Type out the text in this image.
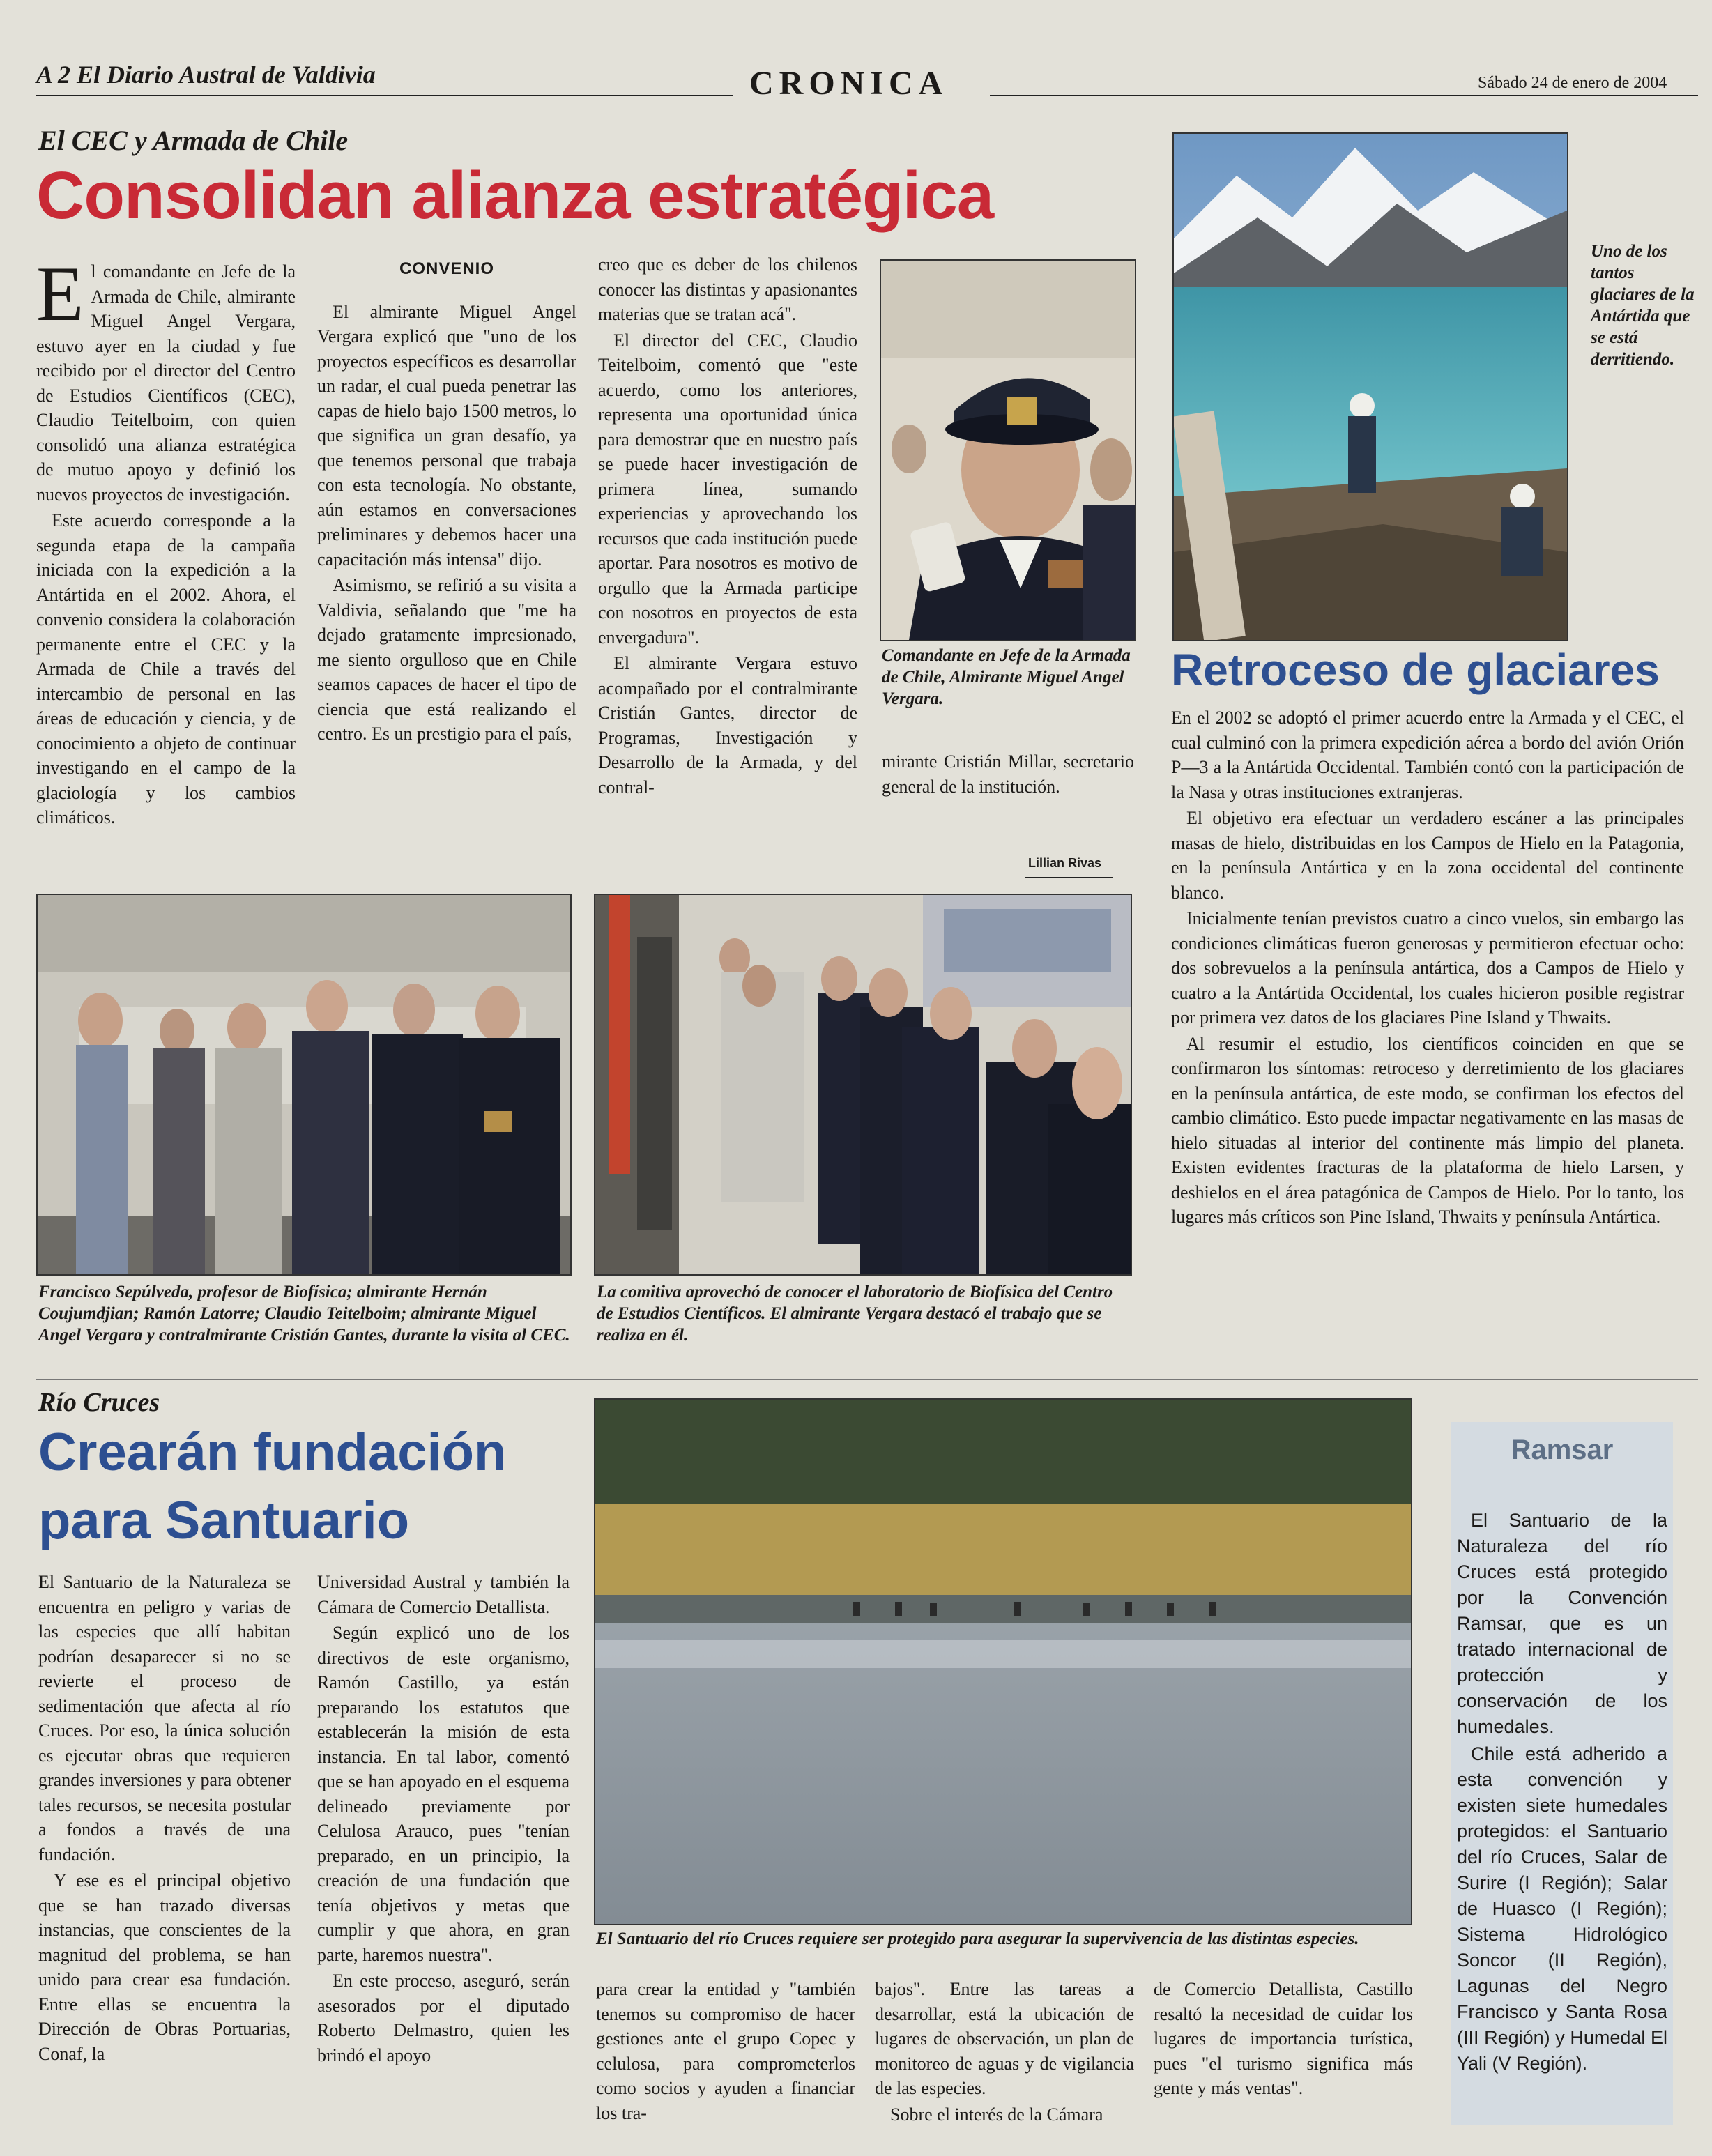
A 2 El Diario Austral de Valdivia	CRONICA	Sábado 24 de enero de 2004
El CEC y Armada de Chile
Consolidan alianza estratégica
E l comandante en Jefe de la Armada de Chile, almirante Miguel Angel Vergara, estuvo ayer en la ciudad y fue recibido por el director del Centro de Estudios Científicos (CEC), Claudio Teitelboim, con quien consolidó una alianza estratégica de mutuo apoyo y definió los nuevos proyectos de investigación.

Este acuerdo corresponde a la segunda etapa de la campaña iniciada con la expedición a la Antártida en el 2002. Ahora, el convenio considera la colaboración permanente entre el CEC y la Armada de Chile a través del intercambio de personal en las áreas de educación y ciencia, y de conocimiento a objeto de continuar investigando en el campo de la glaciología y los cambios climáticos.

CONVENIO

El almirante Miguel Angel Vergara explicó que "uno de los proyectos específicos es desarrollar un radar, el cual pueda penetrar las capas de hielo bajo 1500 metros, lo que significa un gran desafío, ya que tenemos personal que trabaja con esta tecnología. No obstante, aún estamos en conversaciones preliminares y debemos hacer una capacitación más intensa" dijo.

Asimismo, se refirió a su visita a Valdivia, señalando que "me ha dejado gratamente impresionado, me siento orgulloso que en Chile seamos capaces de hacer el tipo de ciencia que está realizando el centro. Es un prestigio para el país,

creo que es deber de los chilenos conocer las distintas y apasionantes materias que se tratan acá".

El director del CEC, Claudio Teitelboim, comentó que "este acuerdo, como los anteriores, representa una oportunidad única para demostrar que en nuestro país se puede hacer investigación de primera línea, sumando experiencias y aprovechando los recursos que cada institución puede aportar. Para nosotros es motivo de orgullo que la Armada participe con nosotros en proyectos de esta envergadura".

El almirante Vergara estuvo acompañado por el contralmirante Cristián Gantes, director de Programas, Investigación y Desarrollo de la Armada, y del contral-

Comandante en Jefe de la Armada de Chile, Almirante Miguel Angel Vergara.

mirante Cristián Millar, secretario general de la institución.

Lillian Rivas
Francisco Sepúlveda, profesor de Biofísica; almirante Hernán Coujumdjian; Ramón Latorre; Claudio Teitelboim; almirante Miguel Angel Vergara y contralmirante Cristián Gantes, durante la visita al CEC.
La comitiva aprovechó de conocer el laboratorio de Biofísica del Centro de Estudios Científicos. El almirante Vergara destacó el trabajo que se realiza en él.
Uno de los tantos glaciares de la Antártida que se está derritiendo.
Retroceso de glaciares

En el 2002 se adoptó el primer acuerdo entre la Armada y el CEC, el cual culminó con la primera expedición aérea a bordo del avión Orión P—3 a la Antártida Occidental. También contó con la participación de la Nasa y otras instituciones extranjeras.

El objetivo era efectuar un verdadero escáner a las principales masas de hielo, distribuidas en los Campos de Hielo en la Patagonia, en la península Antártica y en la zona occidental del continente blanco.

Inicialmente tenían previstos cuatro a cinco vuelos, sin embargo las condiciones climáticas fueron generosas y permitieron efectuar ocho: dos sobrevuelos a la península antártica, dos a Campos de Hielo y cuatro a la Antártida Occidental, los cuales hicieron posible registrar por primera vez datos de los glaciares Pine Island y Thwaits.

Al resumir el estudio, los científicos coinciden en que se confirmaron los síntomas: retroceso y derretimiento de los glaciares en la península antártica, de este modo, se confirman los efectos del cambio climático. Esto puede impactar negativamente en las masas de hielo situadas al interior del continente más limpio del planeta. Existen evidentes fracturas de la plataforma de hielo Larsen, y deshielos en el área patagónica de Campos de Hielo. Por lo tanto, los lugares más críticos son Pine Island, Thwaits y península Antártica.

Río Cruces
Crearán fundación
para Santuario

El Santuario de la Naturaleza se encuentra en peligro y varias de las especies que allí habitan podrían desaparecer si no se revierte el proceso de sedimentación que afecta al río Cruces. Por eso, la única solución es ejecutar obras que requieren grandes inversiones y para obtener tales recursos, se necesita postular a fondos a través de una fundación.

Y ese es el principal objetivo que se han trazado diversas instancias, que conscientes de la magnitud del problema, se han unido para crear esa fundación. Entre ellas se encuentra la Dirección de Obras Portuarias, Conaf, la

Universidad Austral y también la Cámara de Comercio Detallista.

Según explicó uno de los directivos de este organismo, Ramón Castillo, ya están preparando los estatutos que establecerán la misión de esta instancia. En tal labor, comentó que se han apoyado en el esquema delineado previamente por Celulosa Arauco, pues "tenían preparado, en un principio, la creación de una fundación que tenía objetivos y metas que cumplir y que ahora, en gran parte, haremos nuestra".

En este proceso, aseguró, serán asesorados por el diputado Roberto Delmastro, quien les brindó el apoyo

El Santuario del río Cruces requiere ser protegido para asegurar la supervivencia de las distintas especies.

para crear la entidad y "también tenemos su compromiso de hacer gestiones ante el grupo Copec y celulosa, para comprometerlos como socios y ayuden a financiar los tra-

bajos". Entre las tareas a desarrollar, está la ubicación de lugares de observación, un plan de monitoreo de aguas y de vigilancia de las especies.

Sobre el interés de la Cámara

de Comercio Detallista, Castillo resaltó la necesidad de cuidar los lugares de importancia turística, pues "el turismo significa más gente y más ventas".

Ramsar

El Santuario de la Naturaleza del río Cruces está protegido por la Convención Ramsar, que es un tratado internacional de protección y conservación de los humedales.

Chile está adherido a esta convención y existen siete humedales protegidos: el Santuario del río Cruces, Salar de Surire (I Región); Salar de Huasco (I Región); Sistema Hidrológico Soncor (II Región), Lagunas del Negro Francisco y Santa Rosa (III Región) y Humedal El Yali (V Región).
